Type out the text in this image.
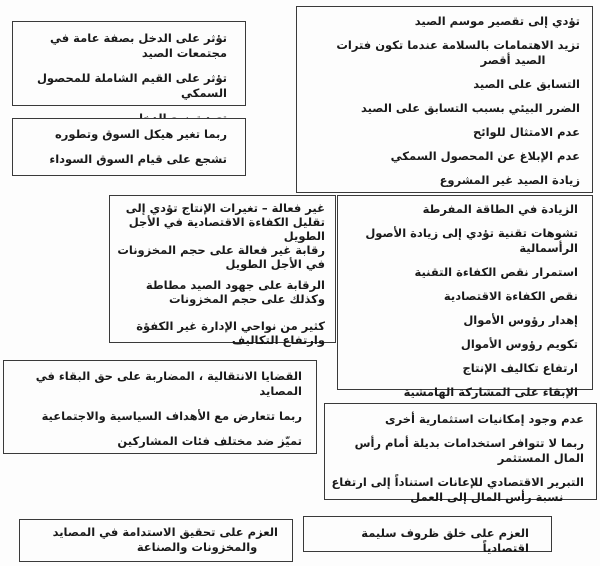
تؤثر على الدخل بصفة عامة في مجتمعات الصيد
تؤثر على القيم الشاملة للمحصول السمكي
ربما تغير هيكل السوق وتطوره
تشجع على قيام السوق السوداء
تؤدي إلى تقصير موسم الصيد
تزيد الاهتمامات بالسلامة عندما تكون فترات الصيد أقصر
التسابق على الصيد
الضرر البيئي بسبب التسابق على الصيد
عدم الامتثال للوائح
عدم الإبلاغ عن المحصول السمكي
زيادة الصيد غير المشروع
غير فعالة – تغيرات الإنتاج تؤدي إلى تقليل الكفاءة الاقتصادية في الأجل الطويل
رقابة غير فعالة على حجم المخزونات في الأجل الطويل
الرقابة على جهود الصيد مطاطة وكذلك على حجم المخزونات
كثير من نواحي الإدارة غير الكفؤة وارتفاع التكاليف
الزيادة في الطاقة المفرطة
تشوهات تقنية تؤدي إلى زيادة الأصول الرأسمالية
استمرار نقص الكفاءة التقنية
نقص الكفاءة الاقتصادية
إهدار رؤوس الأموال
تكويم رؤوس الأموال
ارتفاع تكاليف الإنتاج
الإبقاء على المشاركة الهامشية
القضايا الانتقالية ، المضاربة على حق البقاء في المصايد
ربما تتعارض مع الأهداف السياسية والاجتماعية
تميّز ضد مختلف فئات المشاركين
عدم وجود إمكانيات استثمارية أخرى
ربما لا تتوافر استخدامات بديلة أمام رأس المال المستثمر
التبرير الاقتصادي للإعانات استناداً إلى ارتفاع نسبة رأس المال إلى العمل
العزم على تحقيق الاستدامة في المصايد والمخزونات والصناعة
العزم على خلق ظروف سليمة اقتصادياً
